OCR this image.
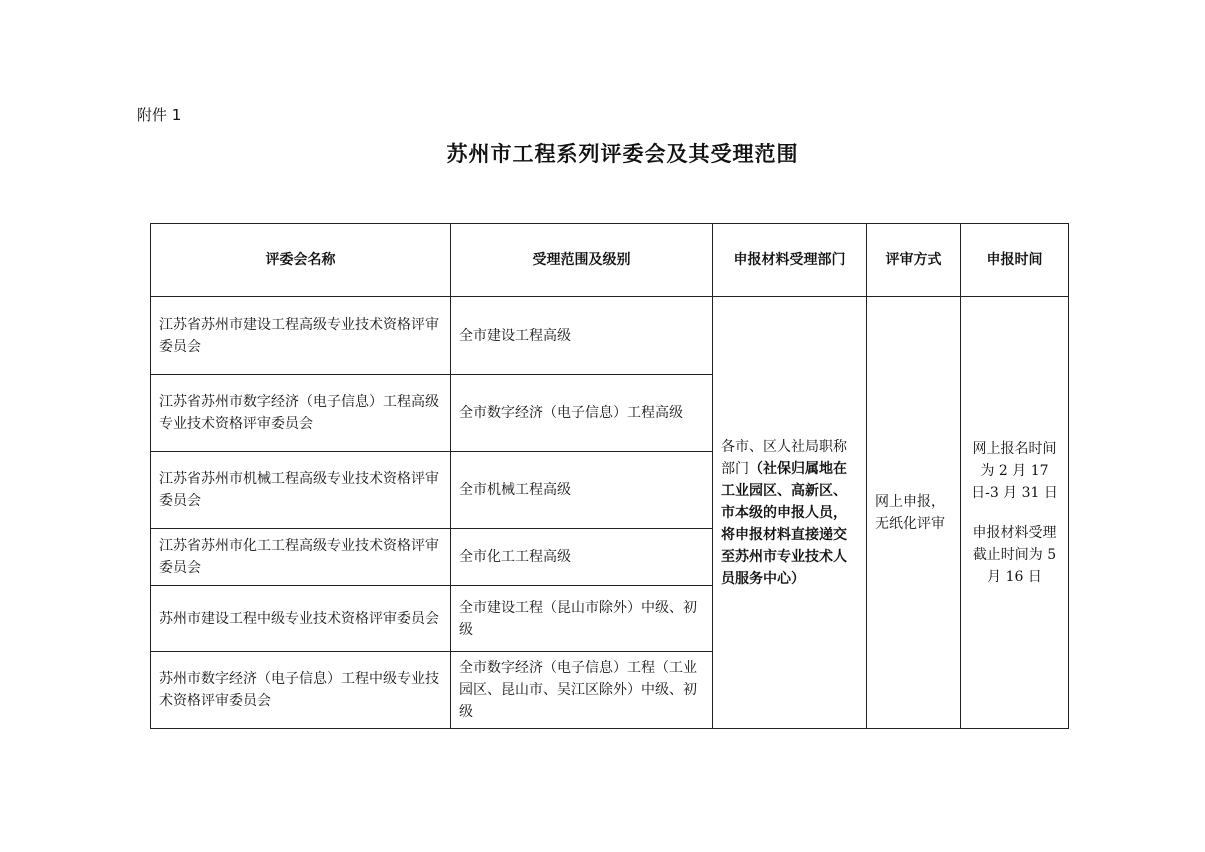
附件 1
苏州市工程系列评委会及其受理范围
评委会名称	受理范围及级别	申报材料受理部门	评审方式	申报时间
江苏省苏州市建设工程高级专业技术资格评审委员会	全市建设工程高级	各市、区人社局职称部门（社保归属地在工业园区、高新区、市本级的申报人员，将申报材料直接递交至苏州市专业技术人员服务中心）	网上申报，无纸化评审	网上报名时间为 2 月 17 日-3 月 31 日
申报材料受理截止时间为 5 月 16 日

江苏省苏州市数字经济（电子信息）工程高级专业技术资格评审委员会	全市数字经济（电子信息）工程高级			
江苏省苏州市机械工程高级专业技术资格评审委员会	全市机械工程高级			
江苏省苏州市化工工程高级专业技术资格评审委员会	全市化工工程高级			
苏州市建设工程中级专业技术资格评审委员会	全市建设工程（昆山市除外）中级、初级			
苏州市数字经济（电子信息）工程中级专业技术资格评审委员会	全市数字经济（电子信息）工程（工业园区、昆山市、吴江区除外）中级、初级			
